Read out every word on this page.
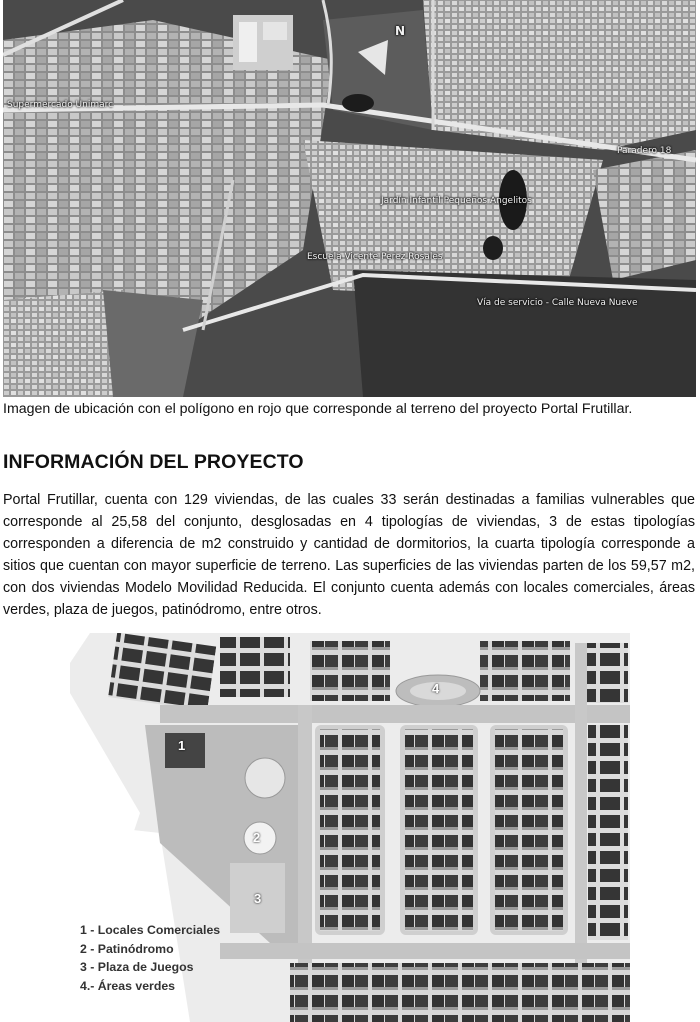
Supermercado Unimarc
Paradero 18
Jardín Infantil Pequeños Angelitos
Escuela Vicente Perez Rosales
Vía de servicio - Calle Nueva Nueve
N
Imagen de ubicación con el polígono en rojo que corresponde al terreno del proyecto Portal Frutillar.
INFORMACIÓN DEL PROYECTO

Portal Frutillar, cuenta con 129 viviendas, de las cuales 33 serán destinadas a familias vulnerables que corresponde al 25,58 del conjunto, desglosadas en 4 tipologías de viviendas, 3 de estas tipologías corresponden a diferencia de m2 construido y cantidad de dormitorios, la cuarta tipología corresponde a sitios que cuentan con mayor superficie de terreno. Las superficies de las viviendas parten de los 59,57 m2, con dos viviendas Modelo Movilidad Reducida. El conjunto cuenta además con locales comerciales, áreas verdes, plaza de juegos, patinódromo, entre otros.

1
2
3
4
1 - Locales Comerciales
2 - Patinódromo
3 - Plaza de Juegos
4.- Áreas verdes
